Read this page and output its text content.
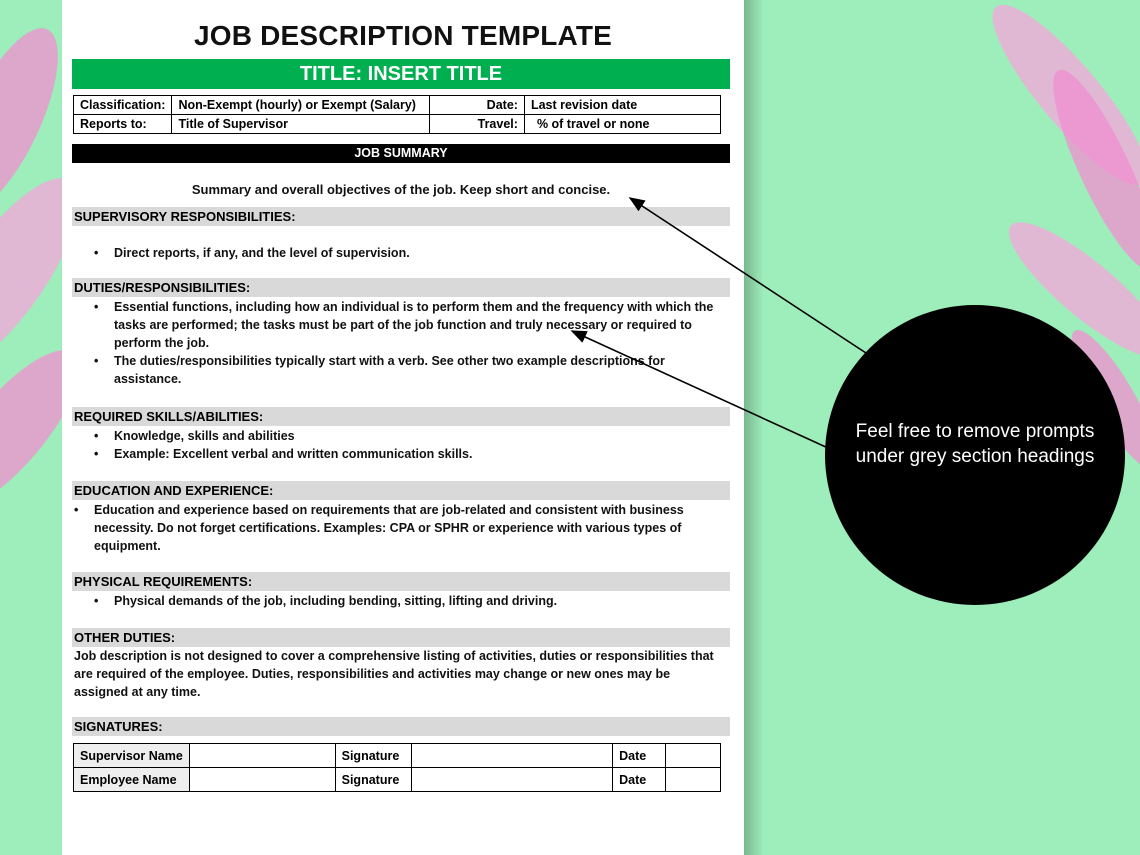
JOB DESCRIPTION TEMPLATE
TITLE: INSERT TITLE
Classification:	Non-Exempt (hourly) or Exempt (Salary)	Date:	Last revision date
Reports to:	Title of Supervisor	Travel:	% of travel or none
JOB SUMMARY
Summary and overall objectives of the job. Keep short and concise.
SUPERVISORY RESPONSIBILITIES:
• Direct reports, if any, and the level of supervision.
DUTIES/RESPONSIBILITIES:
• Essential functions, including how an individual is to perform them and the frequency with which the tasks are performed; the tasks must be part of the job function and truly necessary or required to perform the job.
• The duties/responsibilities typically start with a verb. See other two example descriptions for assistance.
REQUIRED SKILLS/ABILITIES:
• Knowledge, skills and abilities
• Example: Excellent verbal and written communication skills.
EDUCATION AND EXPERIENCE:
• Education and experience based on requirements that are job-related and consistent with business necessity. Do not forget certifications. Examples: CPA or SPHR or experience with various types of equipment.
PHYSICAL REQUIREMENTS:
• Physical demands of the job, including bending, sitting, lifting and driving.
OTHER DUTIES:
Job description is not designed to cover a comprehensive listing of activities, duties or responsibilities that are required of the employee. Duties, responsibilities and activities may change or new ones may be assigned at any time.
SIGNATURES:
Supervisor Name		Signature		Date	
Employee Name		Signature		Date	
Feel free to remove prompts
under grey section headings
